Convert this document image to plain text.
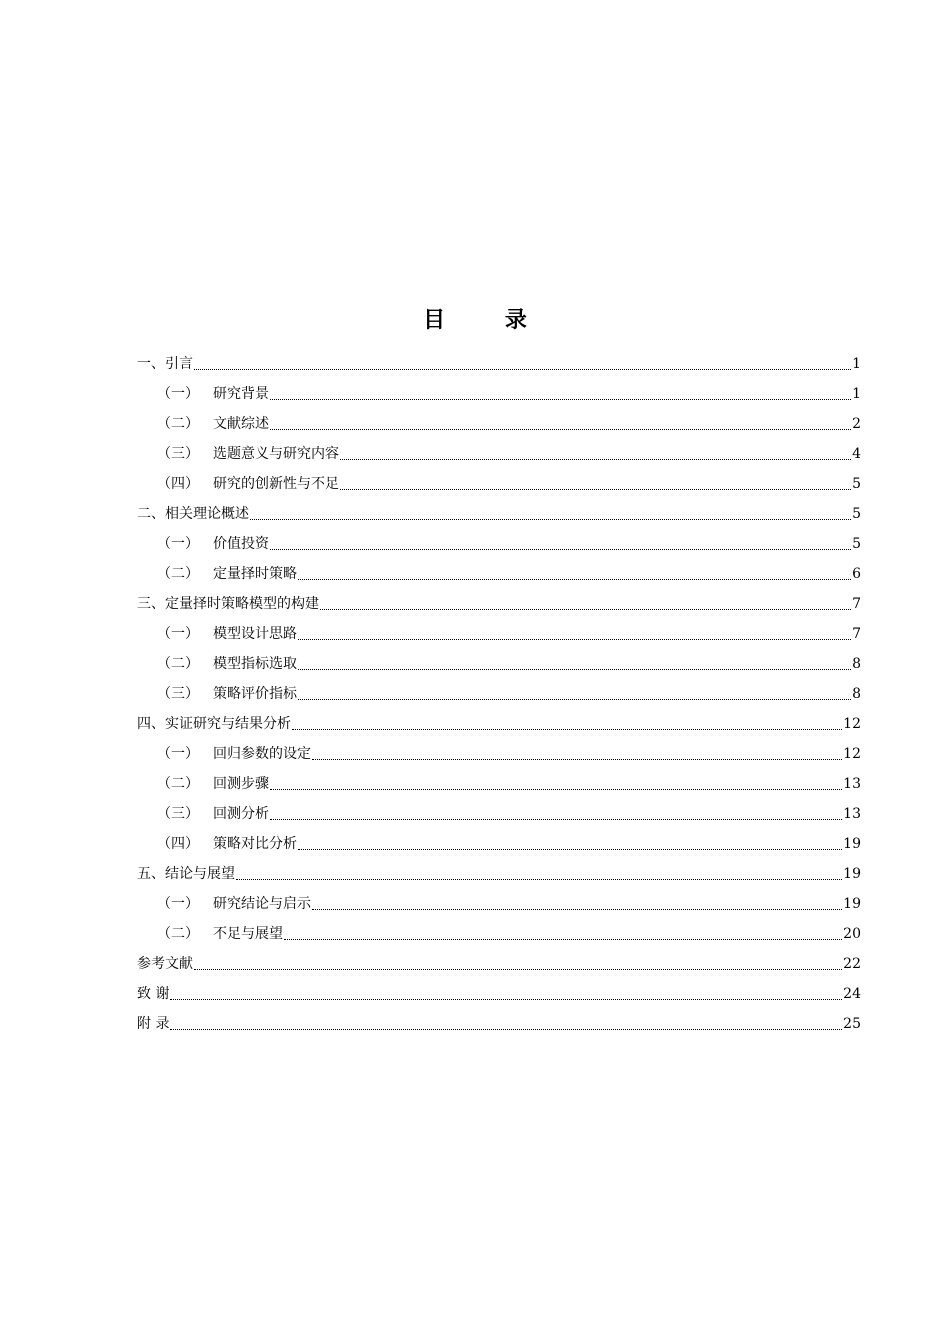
目 录
一、引言	1
（一） 研究背景	1
（二） 文献综述	2
（三） 选题意义与研究内容	4
（四） 研究的创新性与不足	5
二、相关理论概述	5
（一） 价值投资	5
（二） 定量择时策略	6
三、定量择时策略模型的构建	7
（一） 模型设计思路	7
（二） 模型指标选取	8
（三） 策略评价指标	8
四、实证研究与结果分析	12
（一） 回归参数的设定	12
（二） 回测步骤	13
（三） 回测分析	13
（四） 策略对比分析	19
五、结论与展望	19
（一） 研究结论与启示	19
（二） 不足与展望	20
参考文献	22
致 谢	24
附 录	25
